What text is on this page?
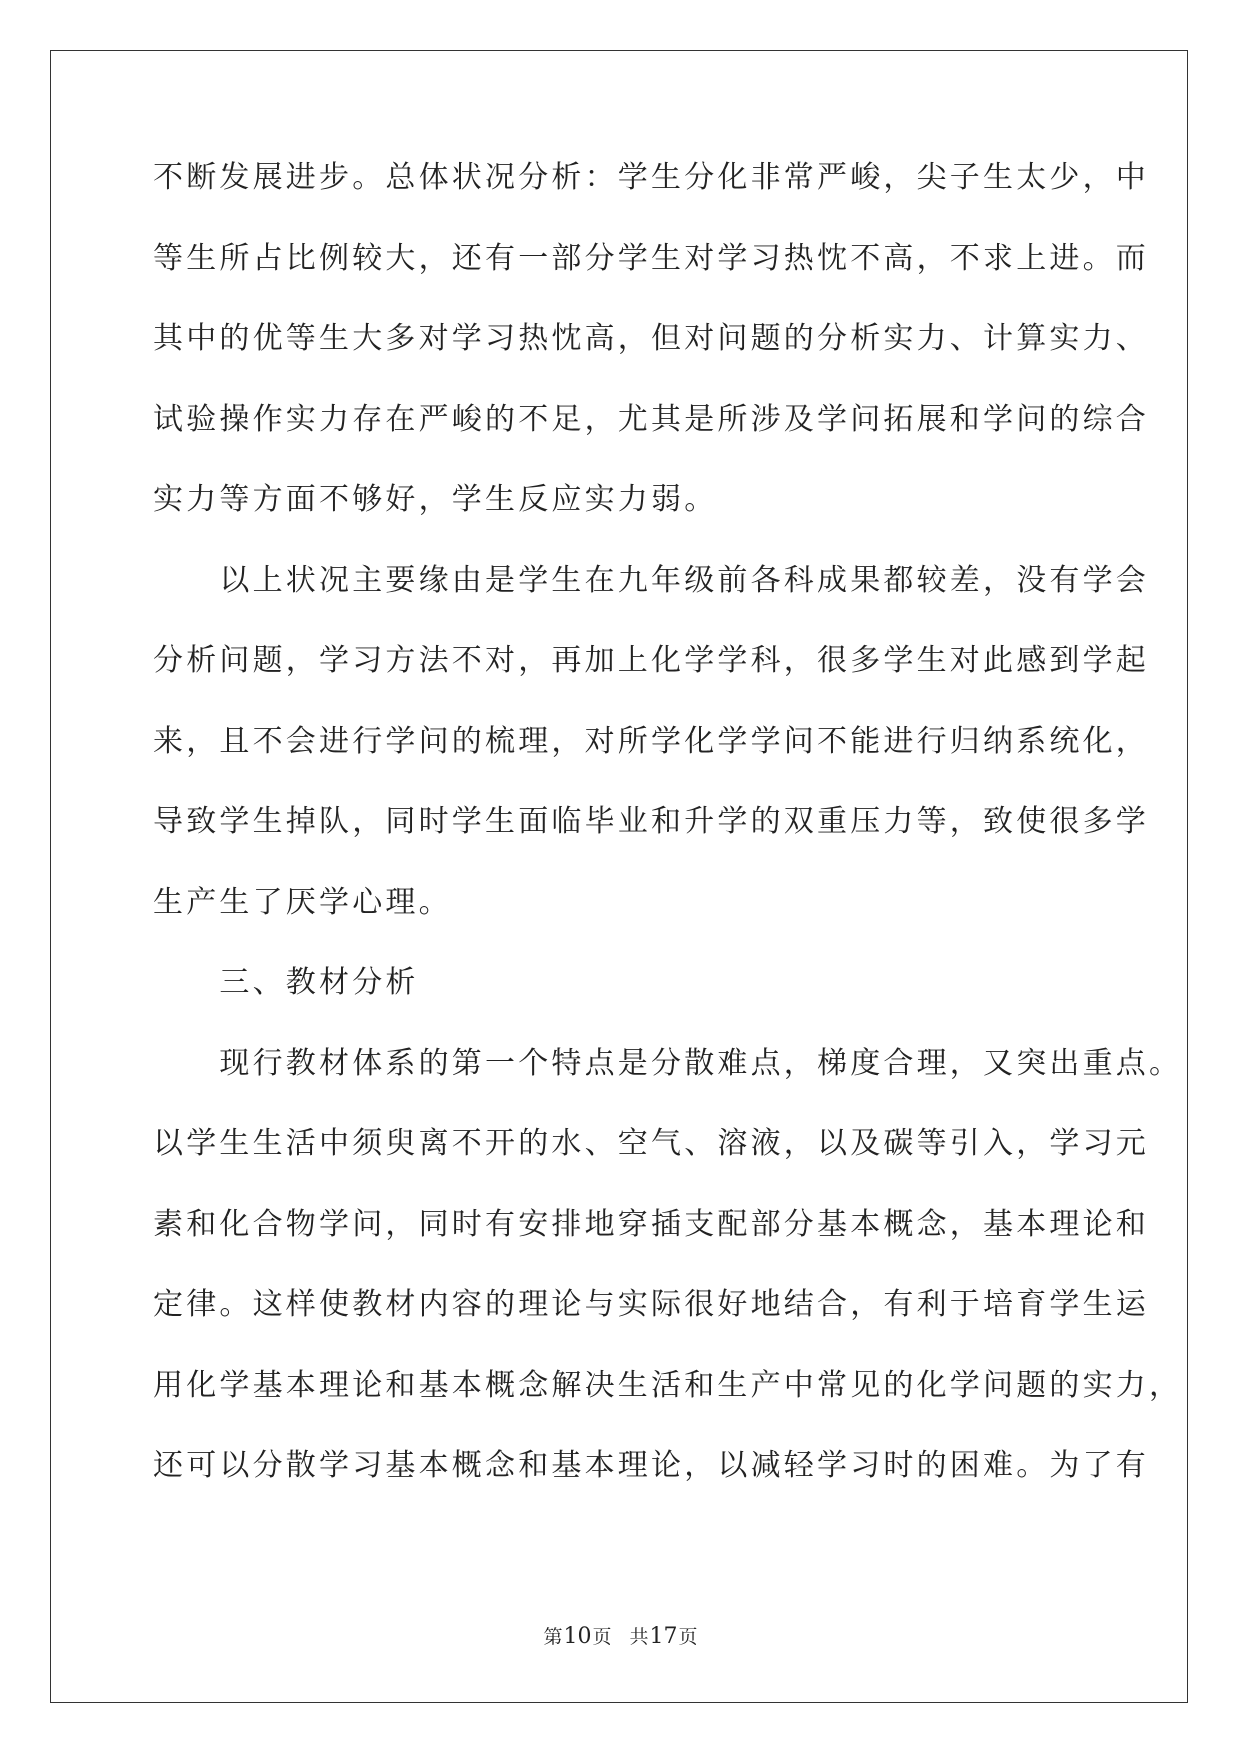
不断发展进步。总体状况分析：学生分化非常严峻，尖子生太少，中
等生所占比例较大，还有一部分学生对学习热忱不高，不求上进。而
其中的优等生大多对学习热忱高，但对问题的分析实力、计算实力、
试验操作实力存在严峻的不足，尤其是所涉及学问拓展和学问的综合
实力等方面不够好，学生反应实力弱。
　　以上状况主要缘由是学生在九年级前各科成果都较差，没有学会
分析问题，学习方法不对，再加上化学学科，很多学生对此感到学起
来，且不会进行学问的梳理，对所学化学学问不能进行归纳系统化，
导致学生掉队，同时学生面临毕业和升学的双重压力等，致使很多学
生产生了厌学心理。
　　三、教材分析
　　现行教材体系的第一个特点是分散难点，梯度合理，又突出重点。
以学生生活中须臾离不开的水、空气、溶液，以及碳等引入，学习元
素和化合物学问，同时有安排地穿插支配部分基本概念，基本理论和
定律。这样使教材内容的理论与实际很好地结合，有利于培育学生运
用化学基本理论和基本概念解决生活和生产中常见的化学问题的实力，
还可以分散学习基本概念和基本理论，以减轻学习时的困难。为了有
第10页 共17页
